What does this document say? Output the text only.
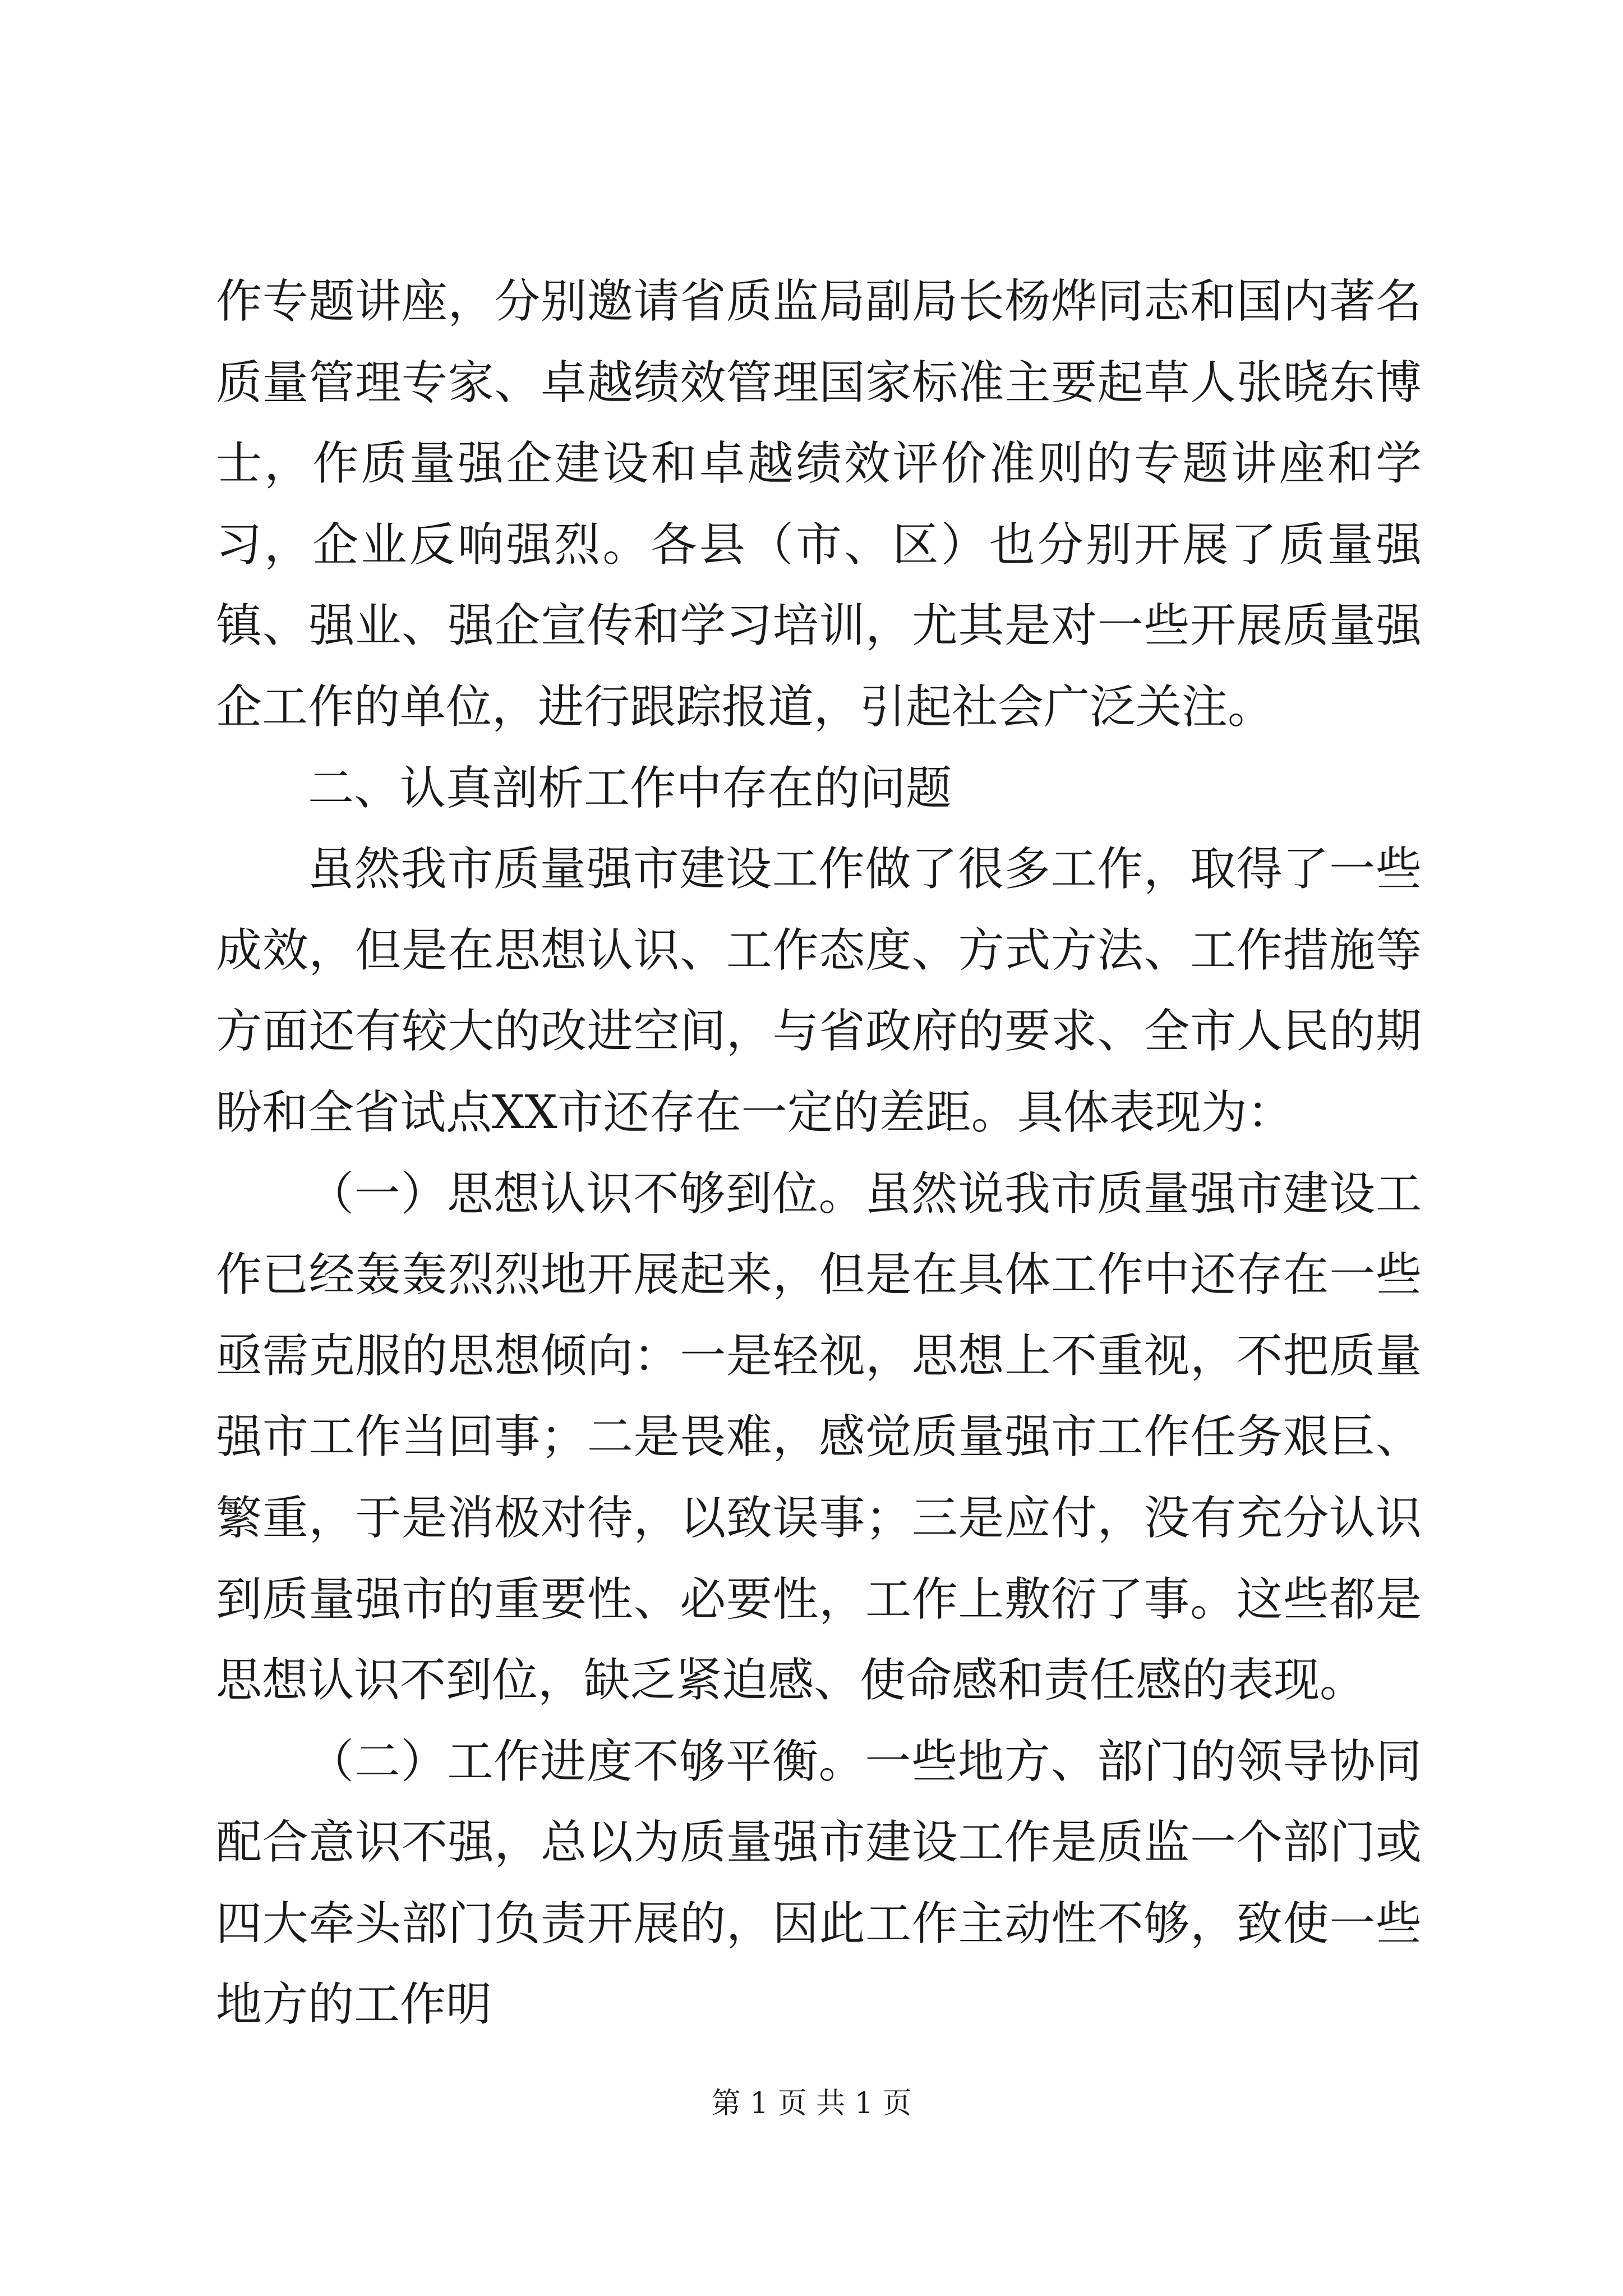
作专题讲座，分别邀请省质监局副局长杨烨同志和国内著名质量管理专家、卓越绩效管理国家标准主要起草人张晓东博士，作质量强企建设和卓越绩效评价准则的专题讲座和学习，企业反响强烈。各县（市、区）也分别开展了质量强镇、强业、强企宣传和学习培训，尤其是对一些开展质量强企工作的单位，进行跟踪报道，引起社会广泛关注。

二、认真剖析工作中存在的问题

虽然我市质量强市建设工作做了很多工作，取得了一些成效，但是在思想认识、工作态度、方式方法、工作措施等方面还有较大的改进空间，与省政府的要求、全市人民的期盼和全省试点XX市还存在一定的差距。具体表现为：

（一）思想认识不够到位。虽然说我市质量强市建设工作已经轰轰烈烈地开展起来，但是在具体工作中还存在一些亟需克服的思想倾向：一是轻视，思想上不重视，不把质量强市工作当回事；二是畏难，感觉质量强市工作任务艰巨、繁重，于是消极对待，以致误事；三是应付，没有充分认识到质量强市的重要性、必要性，工作上敷衍了事。这些都是思想认识不到位，缺乏紧迫感、使命感和责任感的表现。

（二）工作进度不够平衡。一些地方、部门的领导协同配合意识不强，总以为质量强市建设工作是质监一个部门或四大牵头部门负责开展的，因此工作主动性不够，致使一些地方的工作明

第 1 页 共 1 页
